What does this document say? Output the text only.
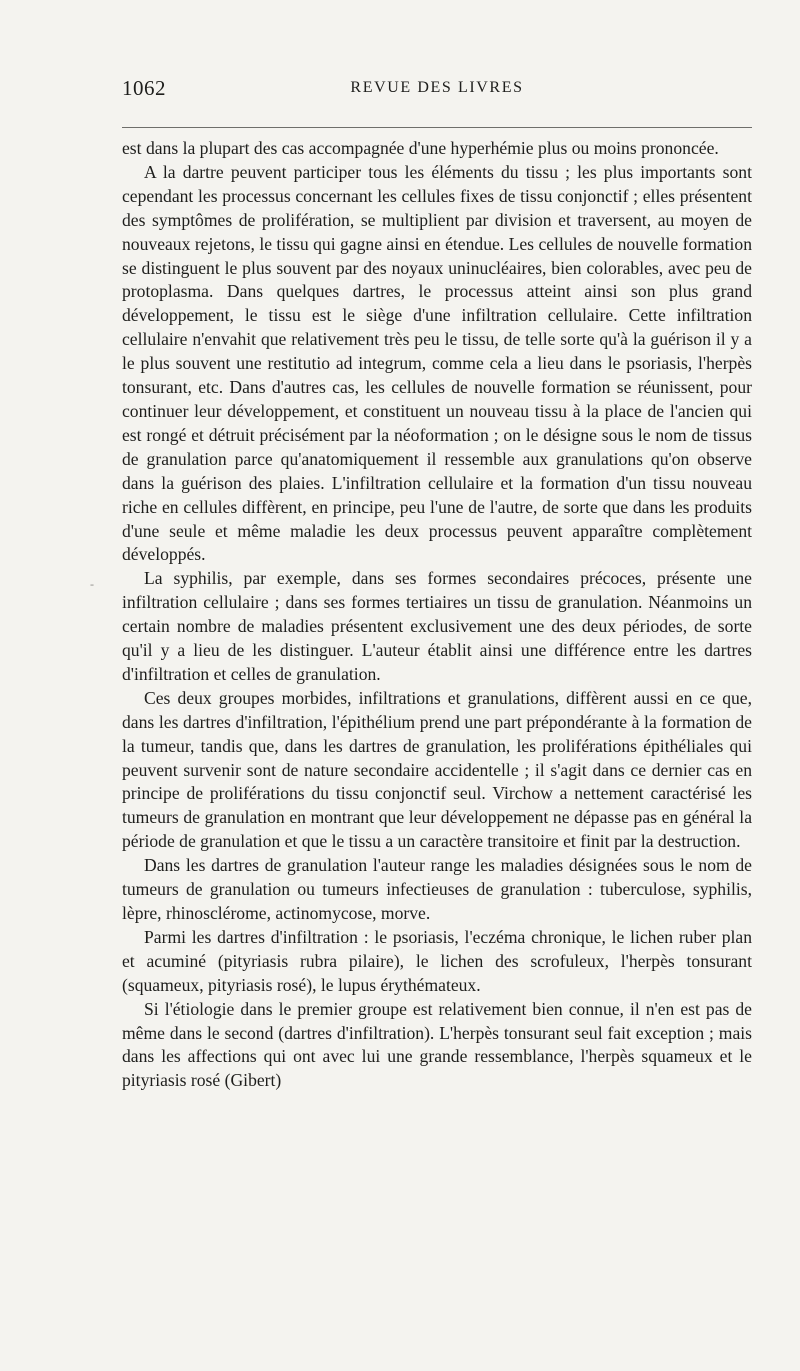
1062	REVUE DES LIVRES
-

est dans la plupart des cas accompagnée d'une hyperhémie plus ou moins prononcée.

A la dartre peuvent participer tous les éléments du tissu ; les plus importants sont cependant les processus concernant les cellules fixes de tissu conjonctif ; elles présentent des symptômes de prolifération, se multiplient par division et traversent, au moyen de nouveaux rejetons, le tissu qui gagne ainsi en étendue. Les cellules de nouvelle formation se distinguent le plus souvent par des noyaux uninucléaires, bien colorables, avec peu de protoplasma. Dans quelques dartres, le processus atteint ainsi son plus grand développement, le tissu est le siège d'une infiltration cellulaire. Cette infiltration cellulaire n'envahit que relativement très peu le tissu, de telle sorte qu'à la guérison il y a le plus souvent une restitutio ad integrum, comme cela a lieu dans le psoriasis, l'herpès tonsurant, etc. Dans d'autres cas, les cellules de nouvelle formation se réunissent, pour continuer leur développement, et constituent un nouveau tissu à la place de l'ancien qui est rongé et détruit précisément par la néoformation ; on le désigne sous le nom de tissus de granulation parce qu'anatomiquement il ressemble aux granulations qu'on observe dans la guérison des plaies. L'infiltration cellulaire et la formation d'un tissu nouveau riche en cellules diffèrent, en principe, peu l'une de l'autre, de sorte que dans les produits d'une seule et même maladie les deux processus peuvent apparaître complètement développés.

La syphilis, par exemple, dans ses formes secondaires précoces, présente une infiltration cellulaire ; dans ses formes tertiaires un tissu de granulation. Néanmoins un certain nombre de maladies présentent exclusivement une des deux périodes, de sorte qu'il y a lieu de les distinguer. L'auteur établit ainsi une différence entre les dartres d'infiltration et celles de granulation.

Ces deux groupes morbides, infiltrations et granulations, diffèrent aussi en ce que, dans les dartres d'infiltration, l'épithélium prend une part prépondérante à la formation de la tumeur, tandis que, dans les dartres de granulation, les proliférations épithéliales qui peuvent survenir sont de nature secondaire accidentelle ; il s'agit dans ce dernier cas en principe de proliférations du tissu conjonctif seul. Virchow a nettement caractérisé les tumeurs de granulation en montrant que leur développement ne dépasse pas en général la période de granulation et que le tissu a un caractère transitoire et finit par la destruction.

Dans les dartres de granulation l'auteur range les maladies désignées sous le nom de tumeurs de granulation ou tumeurs infectieuses de granulation : tuberculose, syphilis, lèpre, rhinosclérome, actinomycose, morve.

Parmi les dartres d'infiltration : le psoriasis, l'eczéma chronique, le lichen ruber plan et acuminé (pityriasis rubra pilaire), le lichen des scrofuleux, l'herpès tonsurant (squameux, pityriasis rosé), le lupus érythémateux.

Si l'étiologie dans le premier groupe est relativement bien connue, il n'en est pas de même dans le second (dartres d'infiltration). L'herpès tonsurant seul fait exception ; mais dans les affections qui ont avec lui une grande ressemblance, l'herpès squameux et le pityriasis rosé (Gibert)
